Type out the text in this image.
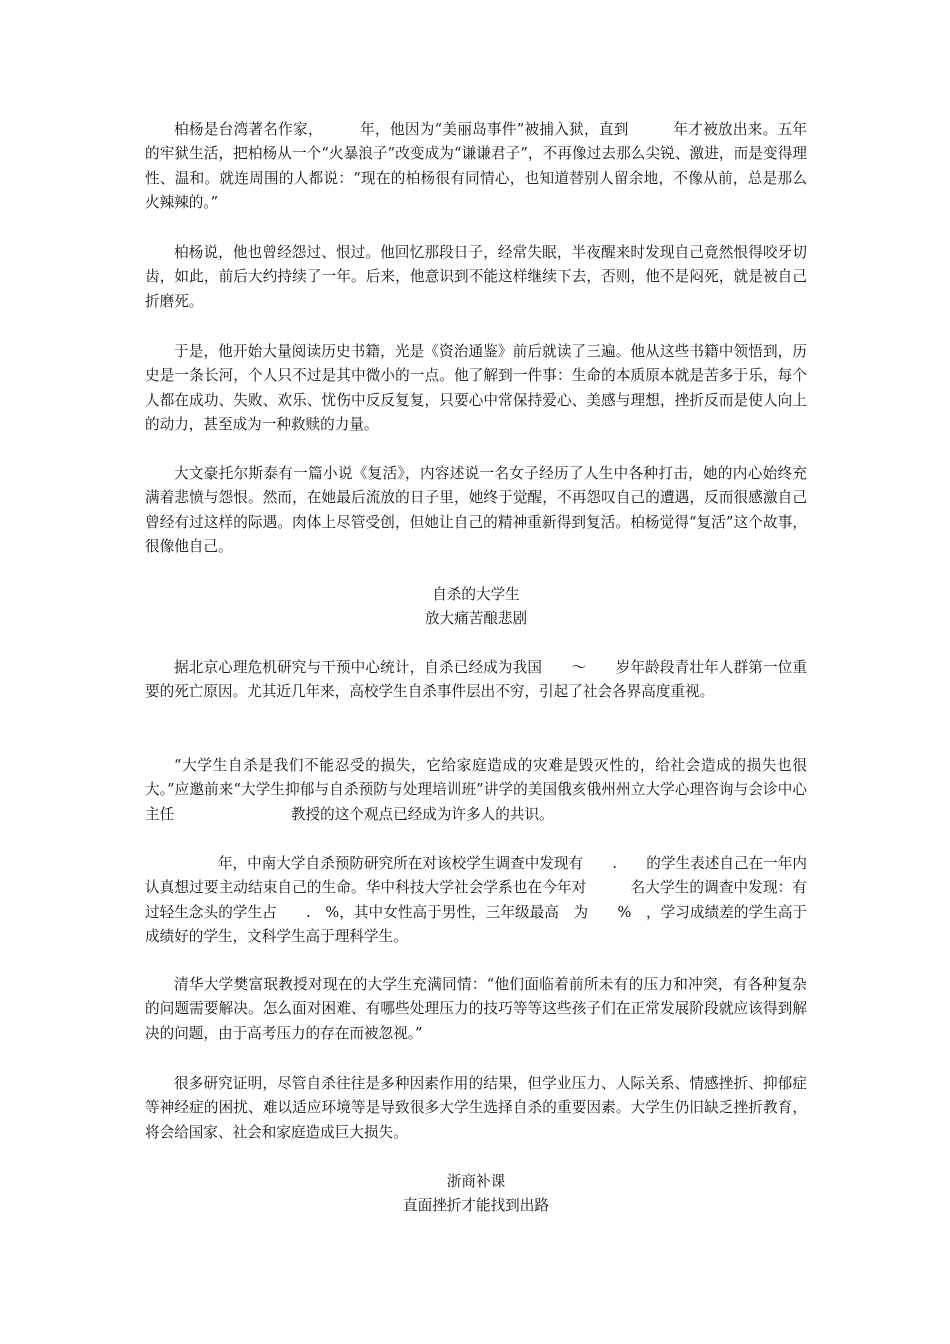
柏杨是台湾著名作家，　　　年，他因为“美丽岛事件”被捕入狱，直到　　　年才被放出来。五年的牢狱生活，把柏杨从一个“火暴浪子”改变成为“谦谦君子”，不再像过去那么尖锐、激进，而是变得理性、温和。就连周围的人都说：“现在的柏杨很有同情心，也知道替别人留余地，不像从前，总是那么火辣辣的。”

柏杨说，他也曾经怨过、恨过。他回忆那段日子，经常失眠，半夜醒来时发现自己竟然恨得咬牙切齿，如此，前后大约持续了一年。后来，他意识到不能这样继续下去，否则，他不是闷死，就是被自己折磨死。

于是，他开始大量阅读历史书籍，光是《资治通鉴》前后就读了三遍。他从这些书籍中领悟到，历史是一条长河，个人只不过是其中微小的一点。他了解到一件事：生命的本质原本就是苦多于乐，每个人都在成功、失败、欢乐、忧伤中反反复复，只要心中常保持爱心、美感与理想，挫折反而是使人向上的动力，甚至成为一种救赎的力量。

大文豪托尔斯泰有一篇小说《复活》，内容述说一名女子经历了人生中各种打击，她的内心始终充满着悲愤与怨恨。然而，在她最后流放的日子里，她终于觉醒，不再怨叹自己的遭遇，反而很感激自己曾经有过这样的际遇。肉体上尽管受创，但她让自己的精神重新得到复活。柏杨觉得“复活”这个故事，很像他自己。

自杀的大学生
放大痛苦酿悲剧

据北京心理危机研究与干预中心统计，自杀已经成为我国　　～　　岁年龄段青壮年人群第一位重要的死亡原因。尤其近几年来，高校学生自杀事件层出不穷，引起了社会各界高度重视。

“大学生自杀是我们不能忍受的损失，它给家庭造成的灾难是毁灭性的，给社会造成的损失也很大。”应邀前来“大学生抑郁与自杀预防与处理培训班”讲学的美国俄亥俄州州立大学心理咨询与会诊中心主任　　　　　　　　教授的这个观点已经成为许多人的共识。

　　　年，中南大学自杀预防研究所在对该校学生调查中发现有　　.　　的学生表述自己在一年内认真想过要主动结束自己的生命。华中科技大学社会学系也在今年对　　　名大学生的调查中发现：有过轻生念头的学生占　　.　%，其中女性高于男性，三年级最高　为　　%　，学习成绩差的学生高于成绩好的学生，文科学生高于理科学生。

清华大学樊富珉教授对现在的大学生充满同情：“他们面临着前所未有的压力和冲突，有各种复杂的问题需要解决。怎么面对困难、有哪些处理压力的技巧等等这些孩子们在正常发展阶段就应该得到解决的问题，由于高考压力的存在而被忽视。”

很多研究证明，尽管自杀往往是多种因素作用的结果，但学业压力、人际关系、情感挫折、抑郁症等神经症的困扰、难以适应环境等是导致很多大学生选择自杀的重要因素。大学生仍旧缺乏挫折教育，将会给国家、社会和家庭造成巨大损失。

浙商补课
直面挫折才能找到出路
